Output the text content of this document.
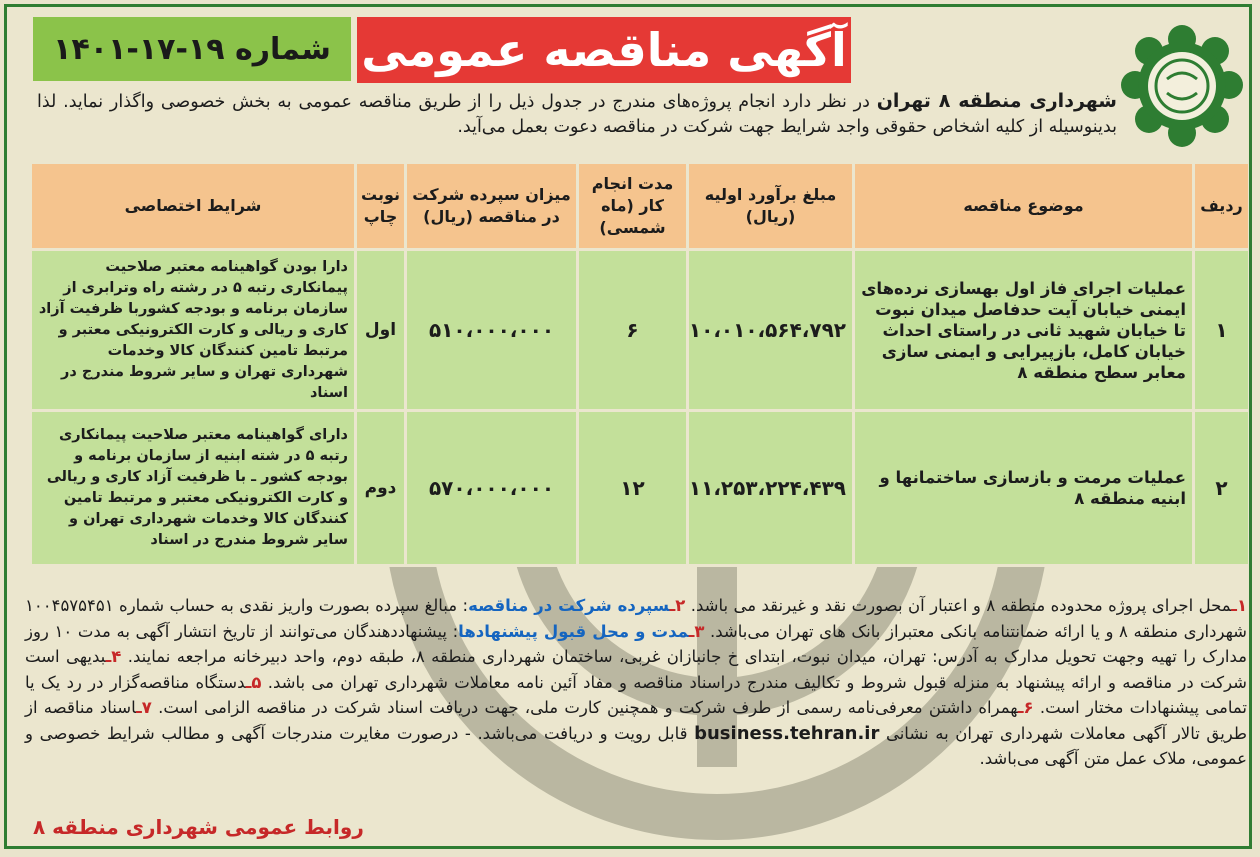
شماره ۱۹-۱۷-۱۴۰۱ آگهی مناقصه عمومی
شهرداری منطقه ۸ تهران در نظر دارد انجام پروژه‌های مندرج در جدول ذیل را از طریق مناقصه عمومی به بخش خصوصی واگذار نماید. لذا بدینوسیله از کلیه اشخاص حقوقی واجد شرایط جهت شرکت در مناقصه دعوت بعمل می‌آید.
ردیف	موضوع مناقصه	مبلغ برآورد اولیه (ریال)	مدت انجام کار (ماه شمسی)	میزان سپرده شرکت در مناقصه (ریال)	نوبت چاپ	شرایط اختصاصی
۱	عملیات اجرای فاز اول بهسازی نرده‌های ایمنی خیابان آیت حدفاصل میدان نبوت تا خیابان شهید ثانی در راستای احداث خیابان کامل، بازپیرایی و ایمنی سازی معابر سطح منطقه ۸	۱۰،۰۱۰،۵۶۴،۷۹۲	۶	۵۱۰،۰۰۰،۰۰۰	اول	دارا بودن گواهینامه معتبر صلاحیت پیمانکاری رتبه ۵ در رشته راه وترابری از سازمان برنامه و بودجه کشوربا ظرفیت آزاد کاری و ریالی و کارت الکترونیکی معتبر و مرتبط تامین کنندگان کالا وخدمات شهرداری تهران و سایر شروط مندرج در اسناد
۲	عملیات مرمت و بازسازی ساختمانها و ابنیه منطقه ۸	۱۱،۲۵۳،۲۲۴،۴۳۹	۱۲	۵۷۰،۰۰۰،۰۰۰	دوم	دارای گواهینامه معتبر صلاحیت پیمانکاری رتبه ۵ در شته ابنیه از سازمان برنامه و بودجه کشور ـ با ظرفیت آزاد کاری و ریالی و کارت الکترونیکی معتبر و مرتبط تامین کنندگان کالا وخدمات شهرداری تهران و سایر شروط مندرج در اسناد
۱ـمحل اجرای پروژه محدوده منطقه ۸ و اعتبار آن بصورت نقد و غیرنقد می باشد. ۲ـسپرده شرکت در مناقصه: مبالغ سپرده بصورت واریز نقدی به حساب شماره ۱۰۰۴۵۷۵۴۵۱ شهرداری منطقه ۸ و یا ارائه ضمانتنامه بانکی معتبراز بانک های تهران می‌باشد. ۳ـمدت و محل قبول پیشنهادها: پیشنهاددهندگان می‌توانند از تاریخ انتشار آگهی به مدت ۱۰ روز مدارک را تهیه وجهت تحویل مدارک به آدرس: تهران، میدان نبوت، ابتدای خ جانبازان غربی، ساختمان شهرداری منطقه ۸، طبقه دوم، واحد دبیرخانه مراجعه نمایند. ۴ـبدیهی است شرکت در مناقصه و ارائه پیشنهاد به منزله قبول شروط و تکالیف مندرج دراسناد مناقصه و مفاد آئین نامه معاملات شهرداری تهران می باشد. ۵ـدستگاه مناقصه‌گزار در رد یک یا تمامی پیشنهادات مختار است. ۶ـهمراه داشتن معرفی‌نامه رسمی از طرف شرکت و همچنین کارت ملی، جهت دریافت اسناد شرکت در مناقصه الزامی است. ۷ـاسناد مناقصه از طریق تالار آگهی معاملات شهرداری تهران به نشانی business.tehran.ir قابل رویت و دریافت می‌باشد. - درصورت مغایرت مندرجات آگهی و مطالب شرایط خصوصی و عمومی، ملاک عمل متن آگهی می‌باشد.
روابط عمومی شهرداری منطقه ۸
